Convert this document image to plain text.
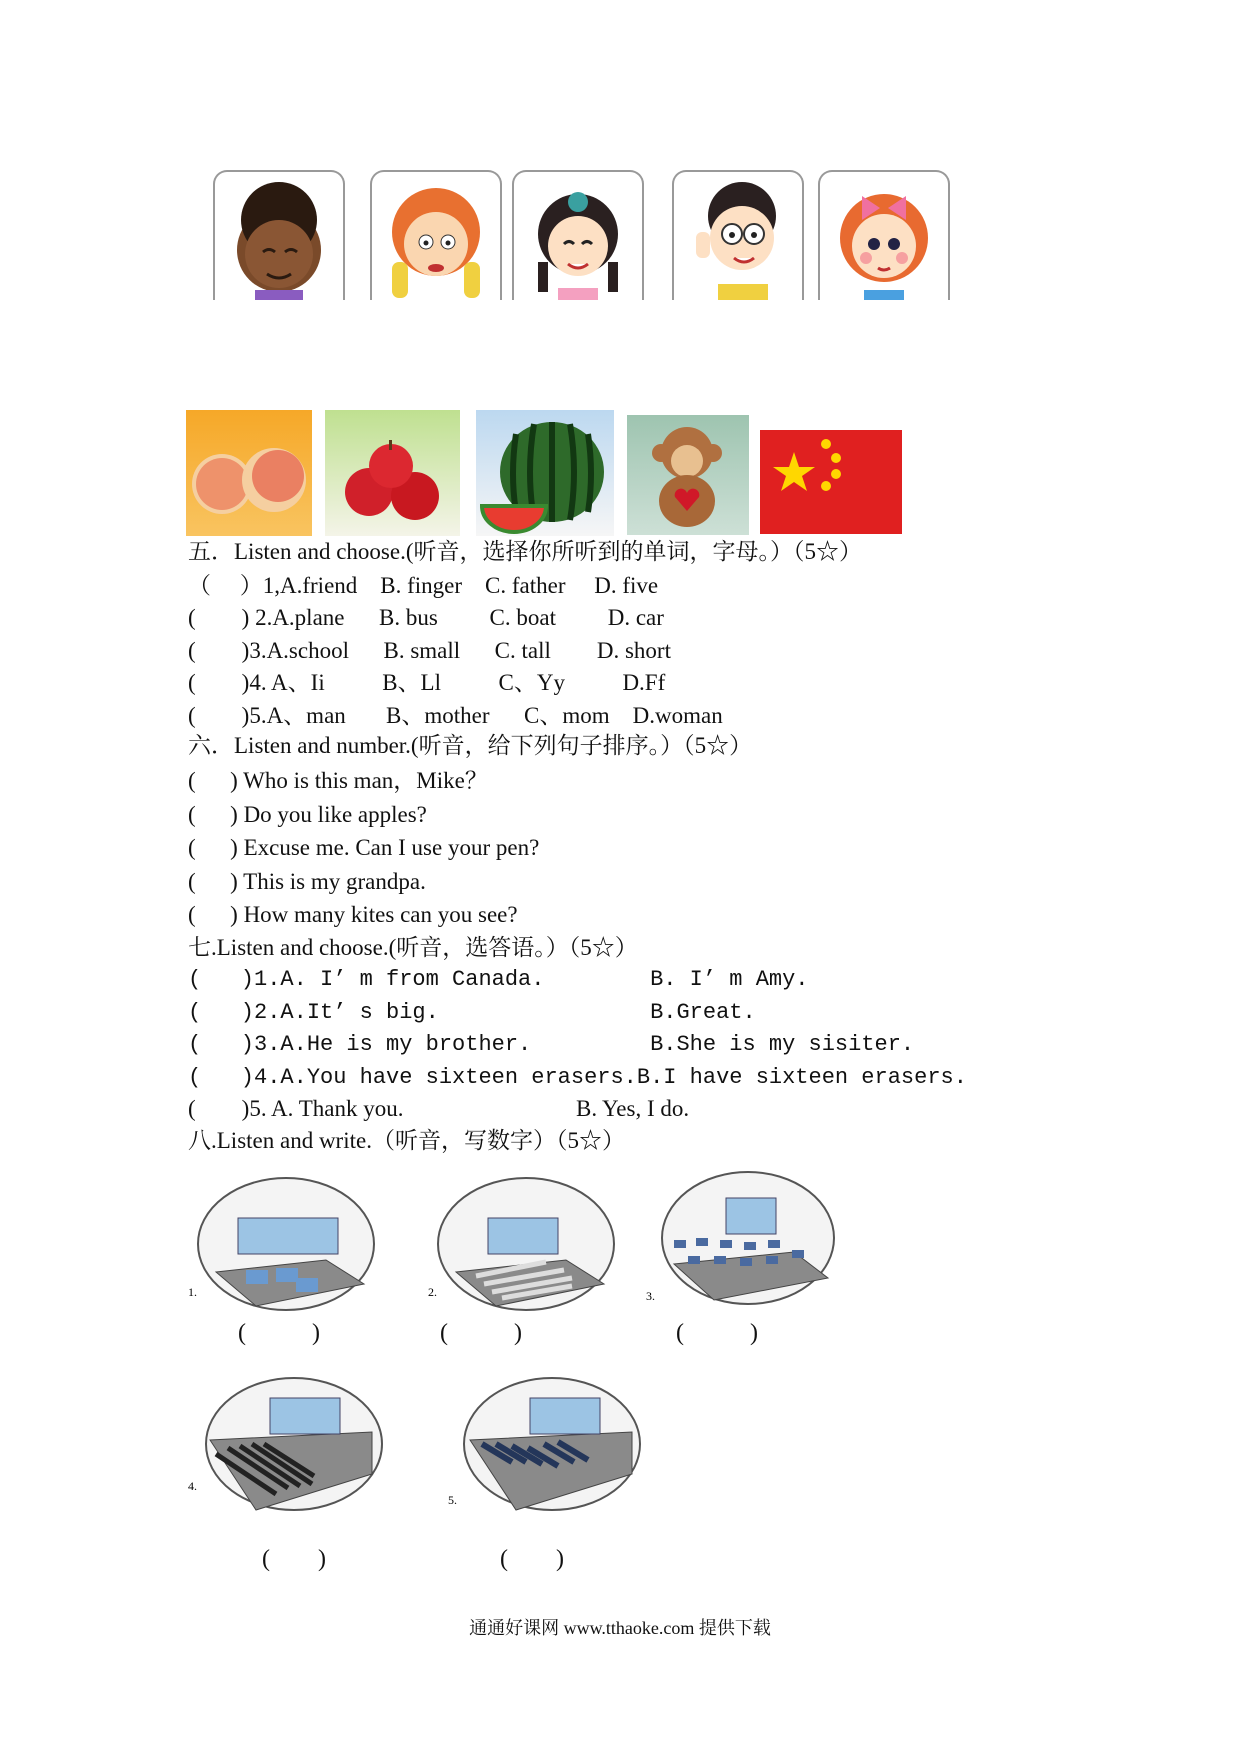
五．Listen and choose.(听音，选择你所听到的单词，字母。）（5☆）
（     ）1,A.friend    B. finger    C. father     D. five
(        ) 2.A.plane      B. bus         C. boat         D. car
(        )3.A.school      B. small      C. tall        D. short
(        )4. A、Ii          B、Ll          C、Yy          D.Ff
(        )5.A、man       B、mother      C、mom    D.woman
六．Listen and number.(听音，给下列句子排序。）（5☆）
(      ) Who is this man，Mike？
(      ) Do you like apples?
(      ) Excuse me. Can I use your pen?
(      ) This is my grandpa.
(      ) How many kites can you see?
七.Listen and choose.(听音，选答语。）（5☆）
(   )1.A. I’ m from Canada.        B. I’ m Amy.
(   )2.A.It’ s big.                B.Great.
(   )3.A.He is my brother.         B.She is my sisiter.
(   )4.A.You have sixteen erasers.B.I have sixteen erasers.
(        )5. A. Thank you.                              B. Yes, I do.
八.Listen and write.（听音，写数字）（5☆）
1.	2.	3.
4.
5.
(           )	(           )	(           )
(        )	(        )
通通好课网 www.tthaoke.com 提供下载
